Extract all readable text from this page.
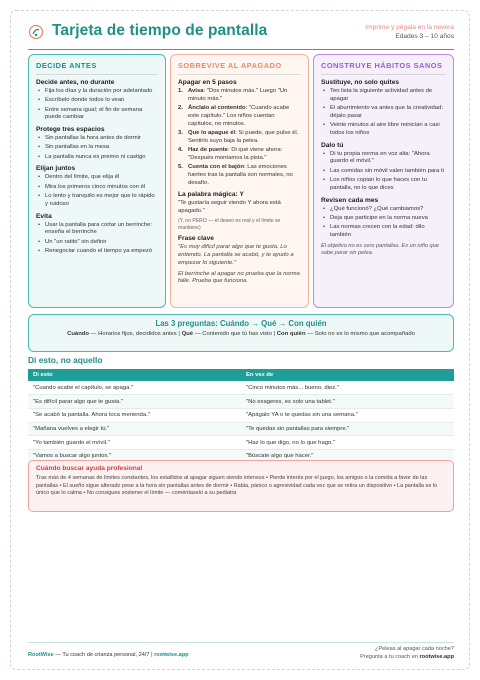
Tarjeta de tiempo de pantalla	Imprime y pégala en la nevera
Edades 3 – 10 años
DECIDE ANTES
Decide antes, no durante
• Fija los días y la duración por adelantado
• Escríbelo donde todos lo vean
• Entre semana igual; el fin de semana puede cambiar
Protege tres espacios
• Sin pantallas la hora antes de dormir
• Sin pantallas en la mesa
• La pantalla nunca es premio ni castigo
Elijan juntos
• Dentro del límite, que elija él
• Mira los primeros cinco minutos con él
• Lo lento y tranquilo es mejor que lo rápido y ruidoso
Evita
• Usar la pantalla para cortar un berrinche: enseña el berrinche
• Un "un ratito" sin definir
• Renegociar cuando el tiempo ya empezó
SOBREVIVE AL APAGADO
Apagar en 5 pasos
1. Avisa: "Dos minutos más." Luego "Un minuto más."
2. Ánclalo al contenido: "Cuando acabe este capítulo." Los niños cuentan capítulos, no minutos.
3. Que lo apague él: Si puede, que pulse él. Sentirlo suyo baja la pelea.
4. Haz de puente: Di qué viene ahora: "Después montamos la pista."
5. Cuenta con el bajón: Las emociones fuertes tras la pantalla son normales, no desafío.
La palabra mágica: Y
"Te gustaría seguir viendo Y ahora está apagado."
(Y, no PERO — el deseo es real y el límite se mantiene)
Frase clave
"Es muy difícil parar algo que te gusta. Lo entiendo. La pantalla se acabó, y te ayudo a empezar lo siguiente."
El berrinche al apagar no prueba que la norma falle. Prueba que funciona.
CONSTRUYE HÁBITOS SANOS
Sustituye, no solo quites
• Ten lista la siguiente actividad antes de apagar
• El aburrimiento va antes que la creatividad: déjalo pasar
• Veinte minutos al aire libre reinician a casi todos los niños
Dalo tú
• Di tu propia norma en voz alta: "Ahora guardo el móvil."
• Las comidas sin móvil valen también para ti
• Los niños copian lo que haces con tu pantalla, no lo que dices
Revisen cada mes
• ¿Qué funcionó? ¿Qué cambiamos?
• Deja que participe en la norma nueva
• Las normas crecen con la edad: dilo también
El objetivo no es cero pantallas. Es un niño que sabe parar sin pelea.
Las 3 preguntas: Cuándo → Qué → Con quién
Cuándo — Horarios fijos, decididos antes | Qué — Contenido que tú has visto | Con quién — Solo no es lo mismo que acompañado
Di esto, no aquello
Di esto	En vez de
"Cuando acabe el capítulo, se apaga."	"Cinco minutos más... bueno, diez."
"Es difícil parar algo que te gusta."	"No exageres, es solo una tablet."
"Se acabó la pantalla. Ahora toca merienda."	"Apágalo YA o te quedas sin una semana."
"Mañana vuelves a elegir tú."	"Te quedas sin pantallas para siempre."
"Yo también guardo el móvil."	"Haz lo que digo, no lo que hago."
"Vamos a buscar algo juntos."	"Búscate algo que hacer."
Cuándo buscar ayuda profesional
Tras más de 4 semanas de límites constantes, los estallidos al apagar siguen siendo intensos • Pierde interés por el juego, los amigos o la comida a favor de las pantallas • El sueño sigue alterado pese a la hora sin pantallas antes de dormir • Rabia, pánico o agresividad cada vez que se retira un dispositivo • La pantalla es lo único que lo calma • No consigues sostener el límite — coméntaselo a su pediatra
RootWise — Tu coach de crianza personal, 24/7 | rootwise.app
¿Peleas al apagar cada noche?
Pregunta a tu coach en rootwise.app
